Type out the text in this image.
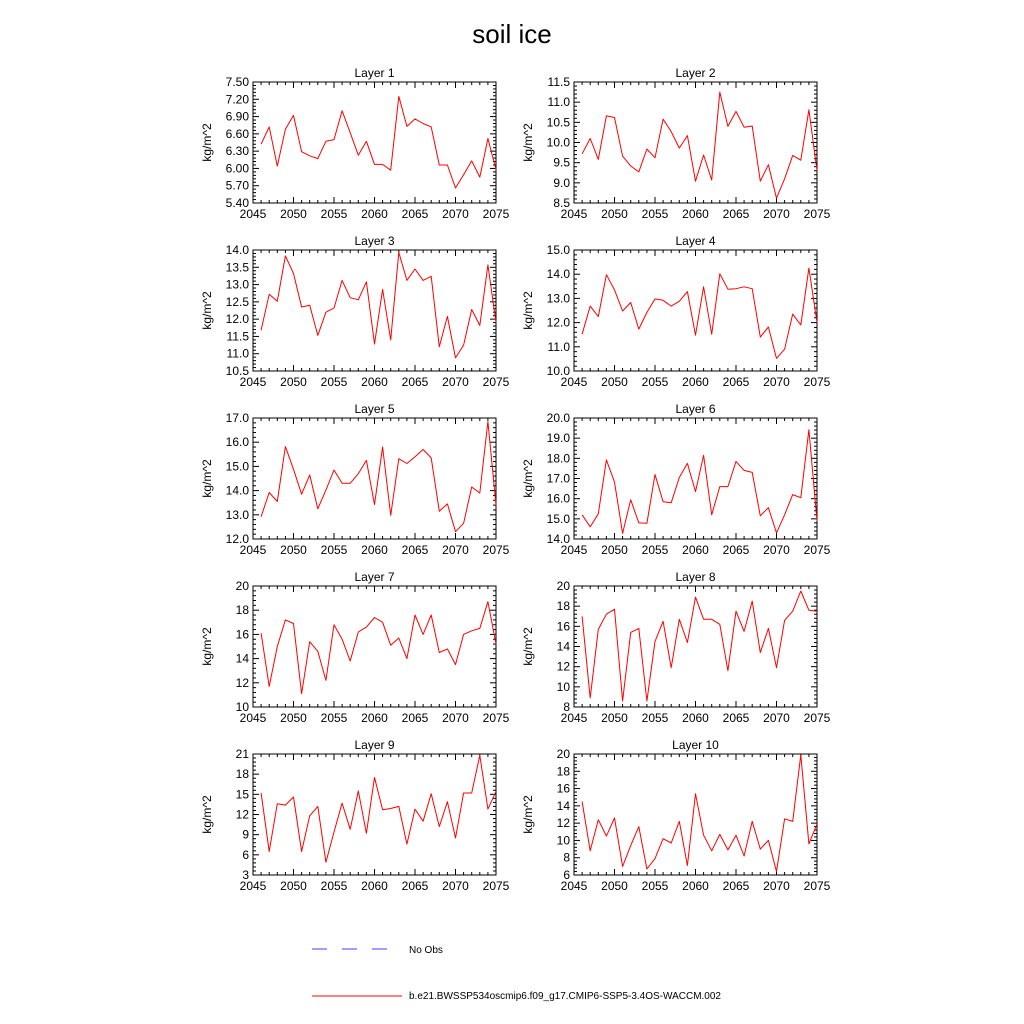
soil ice
Layer 1
kg/m^2
2045 2050 2055 2060 2065 2070 2075
5.40
5.70
6.00
6.30
6.60
6.90
7.20
7.50
Layer 2
kg/m^2
2045 2050 2055 2060 2065 2070 2075
8.5
9.0
9.5
10.0
10.5
11.0
11.5
Layer 3
kg/m^2
2045 2050 2055 2060 2065 2070 2075
10.5
11.0
11.5
12.0
12.5
13.0
13.5
14.0
Layer 4
kg/m^2
2045 2050 2055 2060 2065 2070 2075
10.0
11.0
12.0
13.0
14.0
15.0
Layer 5
kg/m^2
2045 2050 2055 2060 2065 2070 2075
12.0
13.0
14.0
15.0
16.0
17.0
Layer 6
kg/m^2
2045 2050 2055 2060 2065 2070 2075
14.0
15.0
16.0
17.0
18.0
19.0
20.0
Layer 7
kg/m^2
2045 2050 2055 2060 2065 2070 2075
10
12
14
16
18
20
Layer 8
kg/m^2
2045 2050 2055 2060 2065 2070 2075
8
10
12
14
16
18
20
Layer 9
kg/m^2
2045 2050 2055 2060 2065 2070 2075
3
6
9
12
15
18
21
Layer 10
kg/m^2
2045 2050 2055 2060 2065 2070 2075
6
8
10
12
14
16
18
20
No Obs
b.e21.BWSSP534oscmip6.f09_g17.CMIP6-SSP5-3.4OS-WACCM.002
